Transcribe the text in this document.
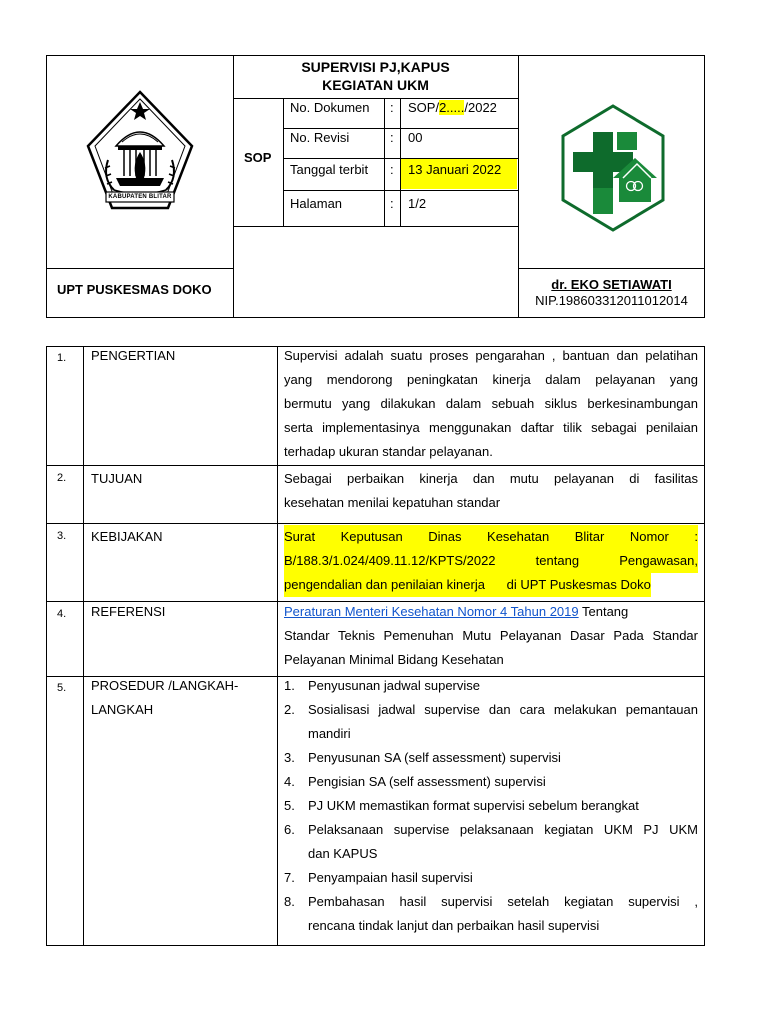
KABUPATEN BLITAR
SUPERVISI PJ,KAPUS
KEGIATAN UKM
SOP
No. Dokumen : SOP/2...../2022
No. Revisi	: 00
Tanggal terbit : 13 Januari 2022
Halaman	: 1/2
UPT PUSKESMAS DOKO	dr. EKO SETIAWATI
NIP.198603312011012014
1. PENGERTIAN	Supervisi adalah suatu proses pengarahan , bantuan dan pelatihan
yang mendorong peningkatan kinerja dalam pelayanan yang
bermutu yang dilakukan dalam sebuah siklus berkesinambungan
serta implementasinya menggunakan daftar tilik sebagai penilaian
terhadap ukuran standar pelayanan.
2. TUJUAN	Sebagai perbaikan kinerja dan mutu pelayanan di fasilitas
kesehatan menilai kepatuhan standar
3. KEBIJAKAN	Surat Keputusan Dinas Kesehatan Blitar Nomor :
B/188.3/1.024/409.11.12/KPTS/2022 tentang Pengawasan,
pengendalian dan penilaian kinerja      di UPT Puskesmas Doko
4. REFERENSI	Peraturan Menteri Kesehatan Nomor 4 Tahun 2019 Tentang
Standar Teknis Pemenuhan Mutu Pelayanan Dasar Pada Standar
Pelayanan Minimal Bidang Kesehatan
5. PROSEDUR /LANGKAH-
LANGKAH
1. Penyusunan jadwal supervise
2. Sosialisasi jadwal supervise dan cara melakukan pemantauan
mandiri
3. Penyusunan SA (self assessment) supervisi
4. Pengisian SA (self assessment) supervisi
5. PJ UKM memastikan format supervisi sebelum berangkat
6. Pelaksanaan supervise pelaksanaan kegiatan UKM PJ UKM
dan KAPUS
7. Penyampaian hasil supervisi
8. Pembahasan hasil supervisi setelah kegiatan supervisi ,
rencana tindak lanjut dan perbaikan hasil supervisi
